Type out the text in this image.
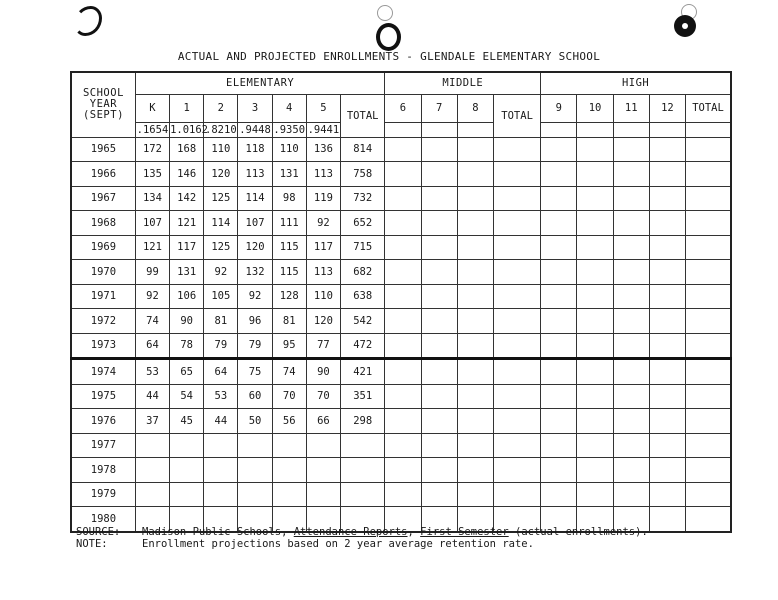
ACTUAL AND PROJECTED ENROLLMENTS - GLENDALE ELEMENTARY SCHOOL
SCHOOL
YEAR
(SEPT)	ELEMENTARY							MIDDLE				HIGH				
	K	1	2	3	4	5	TOTAL	6	7	8	TOTAL	9	10	11	12	TOTAL
	.1654	1.0162	.8210	.9448	.9350	.9441										
1965	172	168	110	118	110	136	814									
1966	135	146	120	113	131	113	758									
1967	134	142	125	114	98	119	732									
1968	107	121	114	107	111	92	652									
1969	121	117	125	120	115	117	715									
1970	99	131	92	132	115	113	682									
1971	92	106	105	92	128	110	638									
1972	74	90	81	96	81	120	542									
1973	64	78	79	79	95	77	472									
1974	53	65	64	75	74	90	421									
1975	44	54	53	60	70	70	351									
1976	37	45	44	50	56	66	298									
1977																
1978																
1979																
1980																
SOURCE:	Madison Public Schools, Attendance Reports, First Semester (actual enrollments).
NOTE:	Enrollment projections based on 2 year average retention rate.
